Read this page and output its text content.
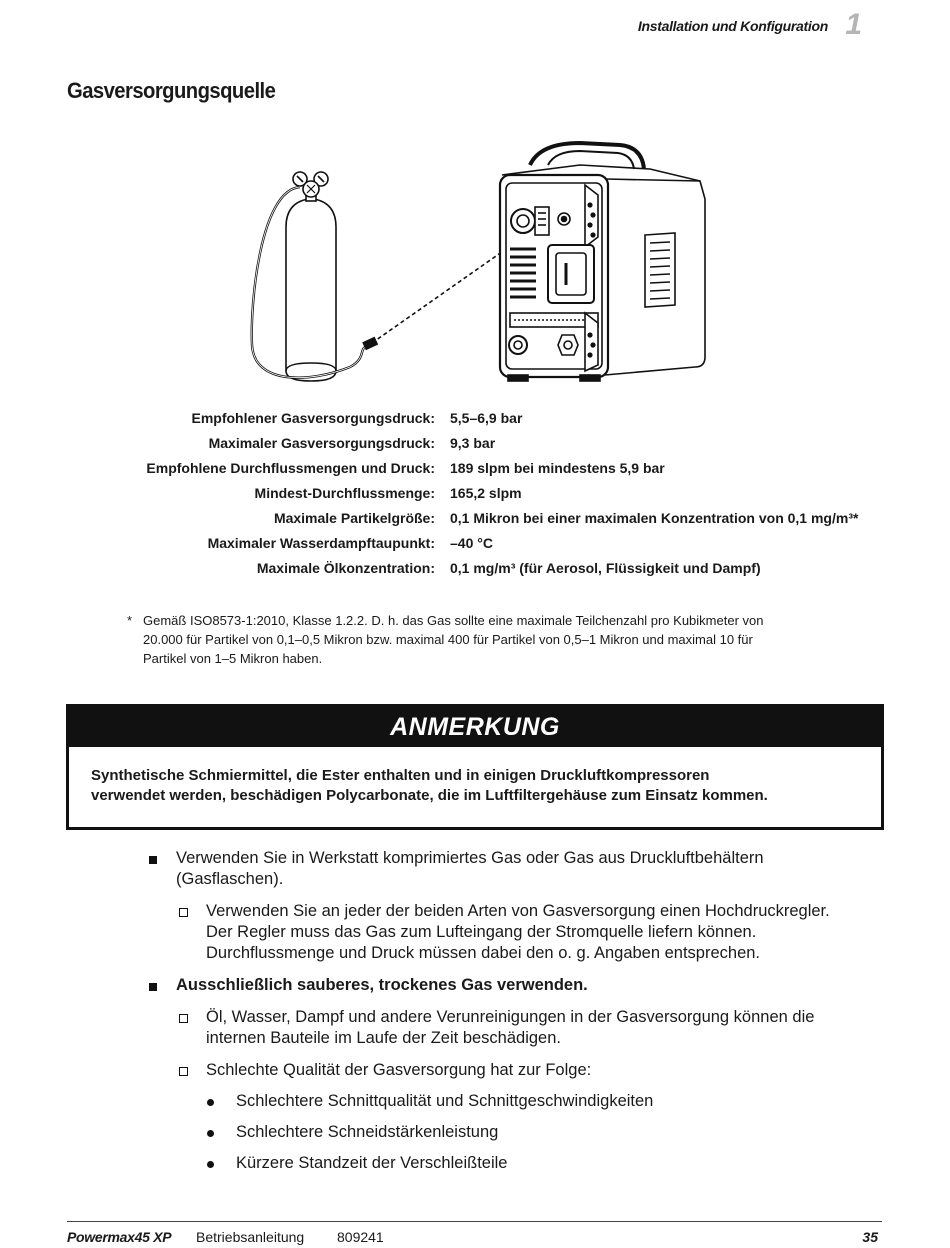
Installation und Konfiguration 1
Gasversorgungsquelle
Empfohlener Gasversorgungsdruck: 5,5–6,9 bar
Maximaler Gasversorgungsdruck: 9,3 bar
Empfohlene Durchflussmengen und Druck: 189 slpm bei mindestens 5,9 bar
Mindest-Durchflussmenge: 165,2 slpm
Maximale Partikelgröße: 0,1 Mikron bei einer maximalen Konzentration von 0,1 mg/m³*
Maximaler Wasserdampftaupunkt: –40 °C
Maximale Ölkonzentration: 0,1 mg/m³ (für Aerosol, Flüssigkeit und Dampf)
* Gemäß ISO8573-1:2010, Klasse 1.2.2. D. h. das Gas sollte eine maximale Teilchenzahl pro Kubikmeter von
20.000 für Partikel von 0,1–0,5 Mikron bzw. maximal 400 für Partikel von 0,5–1 Mikron und maximal 10 für
Partikel von 1–5 Mikron haben.
ANMERKUNG
Synthetische Schmiermittel, die Ester enthalten und in einigen Druckluftkompressoren
verwendet werden, beschädigen Polycarbonate, die im Luftfiltergehäuse zum Einsatz kommen.
Verwenden Sie in Werkstatt komprimiertes Gas oder Gas aus Druckluftbehältern
(Gasflaschen).
Verwenden Sie an jeder der beiden Arten von Gasversorgung einen Hochdruckregler.
Der Regler muss das Gas zum Lufteingang der Stromquelle liefern können.
Durchflussmenge und Druck müssen dabei den o. g. Angaben entsprechen.
Ausschließlich sauberes, trockenes Gas verwenden.
Öl, Wasser, Dampf und andere Verunreinigungen in der Gasversorgung können die
internen Bauteile im Laufe der Zeit beschädigen.
Schlechte Qualität der Gasversorgung hat zur Folge:
Schlechtere Schnittqualität und Schnittgeschwindigkeiten
Schlechtere Schneidstärkenleistung
Kürzere Standzeit der Verschleißteile
Powermax45 XP Betriebsanleitung 809241	35
